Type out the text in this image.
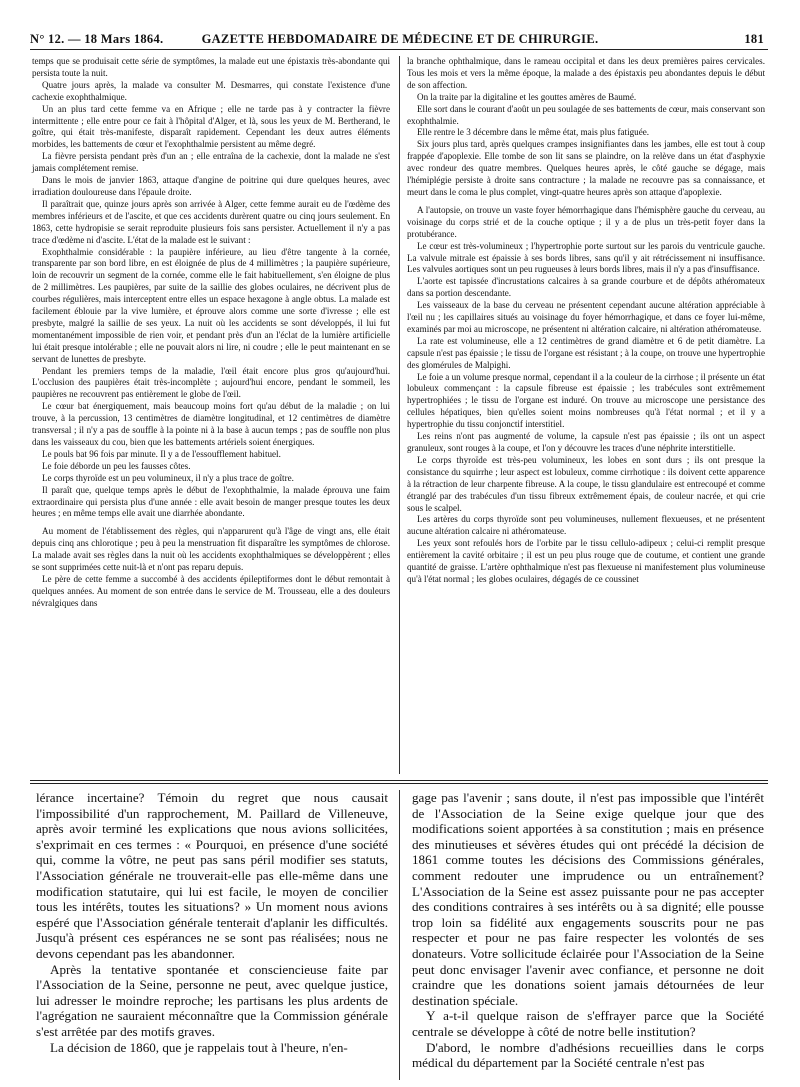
N° 12. — 18 Mars 1864.	GAZETTE HEBDOMADAIRE DE MÉDECINE ET DE CHIRURGIE.	181

temps que se produisait cette série de symptômes, la malade eut une épistaxis très-abondante qui persista toute la nuit.

Quatre jours après, la malade va consulter M. Desmarres, qui constate l'existence d'une cachexie exophthalmique.

Un an plus tard cette femme va en Afrique ; elle ne tarde pas à y contracter la fièvre intermittente ; elle entre pour ce fait à l'hôpital d'Alger, et là, sous les yeux de M. Bertherand, le goître, qui était très-manifeste, disparaît rapidement. Cependant les deux autres éléments morbides, les battements de cœur et l'exophthalmie persistent au même degré.

La fièvre persista pendant près d'un an ; elle entraîna de la cachexie, dont la malade ne s'est jamais complétement remise.

Dans le mois de janvier 1863, attaque d'angine de poitrine qui dure quelques heures, avec irradiation douloureuse dans l'épaule droite.

Il paraîtrait que, quinze jours après son arrivée à Alger, cette femme aurait eu de l'œdème des membres inférieurs et de l'ascite, et que ces accidents durèrent quatre ou cinq jours seulement. En 1863, cette hydropisie se serait reproduite plusieurs fois sans persister. Actuellement il n'y a pas trace d'œdème ni d'ascite. L'état de la malade est le suivant :

Exophthalmie considérable : la paupière inférieure, au lieu d'être tangente à la cornée, transparente par son bord libre, en est éloignée de plus de 4 millimètres ; la paupière supérieure, loin de recouvrir un segment de la cornée, comme elle le fait habituellement, s'en éloigne de plus de 2 millimètres. Les paupières, par suite de la saillie des globes oculaires, ne décrivent plus de courbes régulières, mais interceptent entre elles un espace hexagone à angle obtus. La malade est facilement éblouie par la vive lumière, et éprouve alors comme une sorte d'ivresse ; elle est presbyte, malgré la saillie de ses yeux. La nuit où les accidents se sont développés, il lui fut momentanément impossible de rien voir, et pendant près d'un an l'éclat de la lumière artificielle lui était presque intolérable ; elle ne pouvait alors ni lire, ni coudre ; elle le peut maintenant en se servant de lunettes de presbyte.

Pendant les premiers temps de la maladie, l'œil était encore plus gros qu'aujourd'hui. L'occlusion des paupières était très-incomplète ; aujourd'hui encore, pendant le sommeil, les paupières ne recouvrent pas entièrement le globe de l'œil.

Le cœur bat énergiquement, mais beaucoup moins fort qu'au début de la maladie ; on lui trouve, à la percussion, 13 centimètres de diamètre longitudinal, et 12 centimètres de diamètre transversal ; il n'y a pas de souffle à la pointe ni à la base à aucun temps ; pas de souffle non plus dans les vaisseaux du cou, bien que les battements artériels soient énergiques.

Le pouls bat 96 fois par minute. Il y a de l'essoufflement habituel.

Le foie déborde un peu les fausses côtes.

Le corps thyroïde est un peu volumineux, il n'y a plus trace de goître.

Il paraît que, quelque temps après le début de l'exophthalmie, la malade éprouva une faim extraordinaire qui persista plus d'une année : elle avait besoin de manger presque toutes les deux heures ; en même temps elle avait une diarrhée abondante.

Au moment de l'établissement des règles, qui n'apparurent qu'à l'âge de vingt ans, elle était depuis cinq ans chlorotique ; peu à peu la menstruation fit disparaître les symptômes de chlorose. La malade avait ses règles dans la nuit où les accidents exophthalmiques se développèrent ; elles se sont supprimées cette nuit-là et n'ont pas reparu depuis.

Le père de cette femme a succombé à des accidents épileptiformes dont le début remontait à quelques années. Au moment de son entrée dans le service de M. Trousseau, elle a des douleurs névralgiques dans

la branche ophthalmique, dans le rameau occipital et dans les deux premières paires cervicales. Tous les mois et vers la même époque, la malade a des épistaxis peu abondantes depuis le début de son affection.

On la traite par la digitaline et les gouttes amères de Baumé.

Elle sort dans le courant d'août un peu soulagée de ses battements de cœur, mais conservant son exophthalmie.

Elle rentre le 3 décembre dans le même état, mais plus fatiguée.

Six jours plus tard, après quelques crampes insignifiantes dans les jambes, elle est tout à coup frappée d'apoplexie. Elle tombe de son lit sans se plaindre, on la relève dans un état d'asphyxie avec rondeur des quatre membres. Quelques heures après, le côté gauche se dégage, mais l'hémiplégie persiste à droite sans contracture ; la malade ne recouvre pas sa connaissance, et meurt dans le coma le plus complet, vingt-quatre heures après son attaque d'apoplexie.

A l'autopsie, on trouve un vaste foyer hémorrhagique dans l'hémisphère gauche du cerveau, au voisinage du corps strié et de la couche optique ; il y a de plus un très-petit foyer dans la protubérance.

Le cœur est très-volumineux ; l'hypertrophie porte surtout sur les parois du ventricule gauche. La valvule mitrale est épaissie à ses bords libres, sans qu'il y ait rétrécissement ni insuffisance. Les valvules aortiques sont un peu rugueuses à leurs bords libres, mais il n'y a pas d'insuffisance.

L'aorte est tapissée d'incrustations calcaires à sa grande courbure et de dépôts athéromateux dans sa portion descendante.

Les vaisseaux de la base du cerveau ne présentent cependant aucune altération appréciable à l'œil nu ; les capillaires situés au voisinage du foyer hémorrhagique, et dans ce foyer lui-même, examinés par moi au microscope, ne présentent ni altération calcaire, ni altération athéromateuse.

La rate est volumineuse, elle a 12 centimètres de grand diamètre et 6 de petit diamètre. La capsule n'est pas épaissie ; le tissu de l'organe est résistant ; à la coupe, on trouve une hypertrophie des glomérules de Malpighi.

Le foie a un volume presque normal, cependant il a la couleur de la cirrhose ; il présente un état lobuleux commençant : la capsule fibreuse est épaissie ; les trabécules sont extrêmement hypertrophiées ; le tissu de l'organe est induré. On trouve au microscope une persistance des cellules hépatiques, bien qu'elles soient moins nombreuses qu'à l'état normal ; et il y a hypertrophie du tissu conjonctif interstitiel.

Les reins n'ont pas augmenté de volume, la capsule n'est pas épaissie ; ils ont un aspect granuleux, sont rouges à la coupe, et l'on y découvre les traces d'une néphrite interstitielle.

Le corps thyroïde est très-peu volumineux, les lobes en sont durs ; ils ont presque la consistance du squirrhe ; leur aspect est lobuleux, comme cirrhotique : ils doivent cette apparence à la rétraction de leur charpente fibreuse. A la coupe, le tissu glandulaire est entrecoupé et comme étranglé par des trabécules d'un tissu fibreux extrêmement épais, de couleur nacrée, et qui crie sous le scalpel.

Les artères du corps thyroïde sont peu volumineuses, nullement flexueuses, et ne présentent aucune altération calcaire ni athéromateuse.

Les yeux sont refoulés hors de l'orbite par le tissu cellulo-adipeux ; celui-ci remplit presque entièrement la cavité orbitaire ; il est un peu plus rouge que de coutume, et contient une grande quantité de graisse. L'artère ophthalmique n'est pas flexueuse ni manifestement plus volumineuse qu'à l'état normal ; les globes oculaires, dégagés de ce coussinet

lérance incertaine? Témoin du regret que nous causait l'impossibilité d'un rapprochement, M. Paillard de Villeneuve, après avoir terminé les explications que nous avions sollicitées, s'exprimait en ces termes : « Pourquoi, en présence d'une société qui, comme la vôtre, ne peut pas sans péril modifier ses statuts, l'Association générale ne trouverait-elle pas elle-même dans une modification statutaire, qui lui est facile, le moyen de concilier tous les intérêts, toutes les situations? » Un moment nous avions espéré que l'Association générale tenterait d'aplanir les difficultés. Jusqu'à présent ces espérances ne se sont pas réalisées; nous ne devons cependant pas les abandonner.

Après la tentative spontanée et consciencieuse faite par l'Association de la Seine, personne ne peut, avec quelque justice, lui adresser le moindre reproche; les partisans les plus ardents de l'agrégation ne sauraient méconnaître que la Commission générale s'est arrêtée par des motifs graves.

La décision de 1860, que je rappelais tout à l'heure, n'en-

gage pas l'avenir ; sans doute, il n'est pas impossible que l'intérêt de l'Association de la Seine exige quelque jour que des modifications soient apportées à sa constitution ; mais en présence des minutieuses et sévères études qui ont précédé la décision de 1861 comme toutes les décisions des Commissions générales, comment redouter une imprudence ou un entraînement? L'Association de la Seine est assez puissante pour ne pas accepter des conditions contraires à ses intérêts ou à sa dignité; elle pousse trop loin sa fidélité aux engagements souscrits pour ne pas respecter et pour ne pas faire respecter les volontés de ses donateurs. Votre sollicitude éclairée pour l'Association de la Seine peut donc envisager l'avenir avec confiance, et personne ne doit craindre que les donations soient jamais détournées de leur destination spéciale.

Y a-t-il quelque raison de s'effrayer parce que la Société centrale se développe à côté de notre belle institution?

D'abord, le nombre d'adhésions recueillies dans le corps médical du département par la Société centrale n'est pas
